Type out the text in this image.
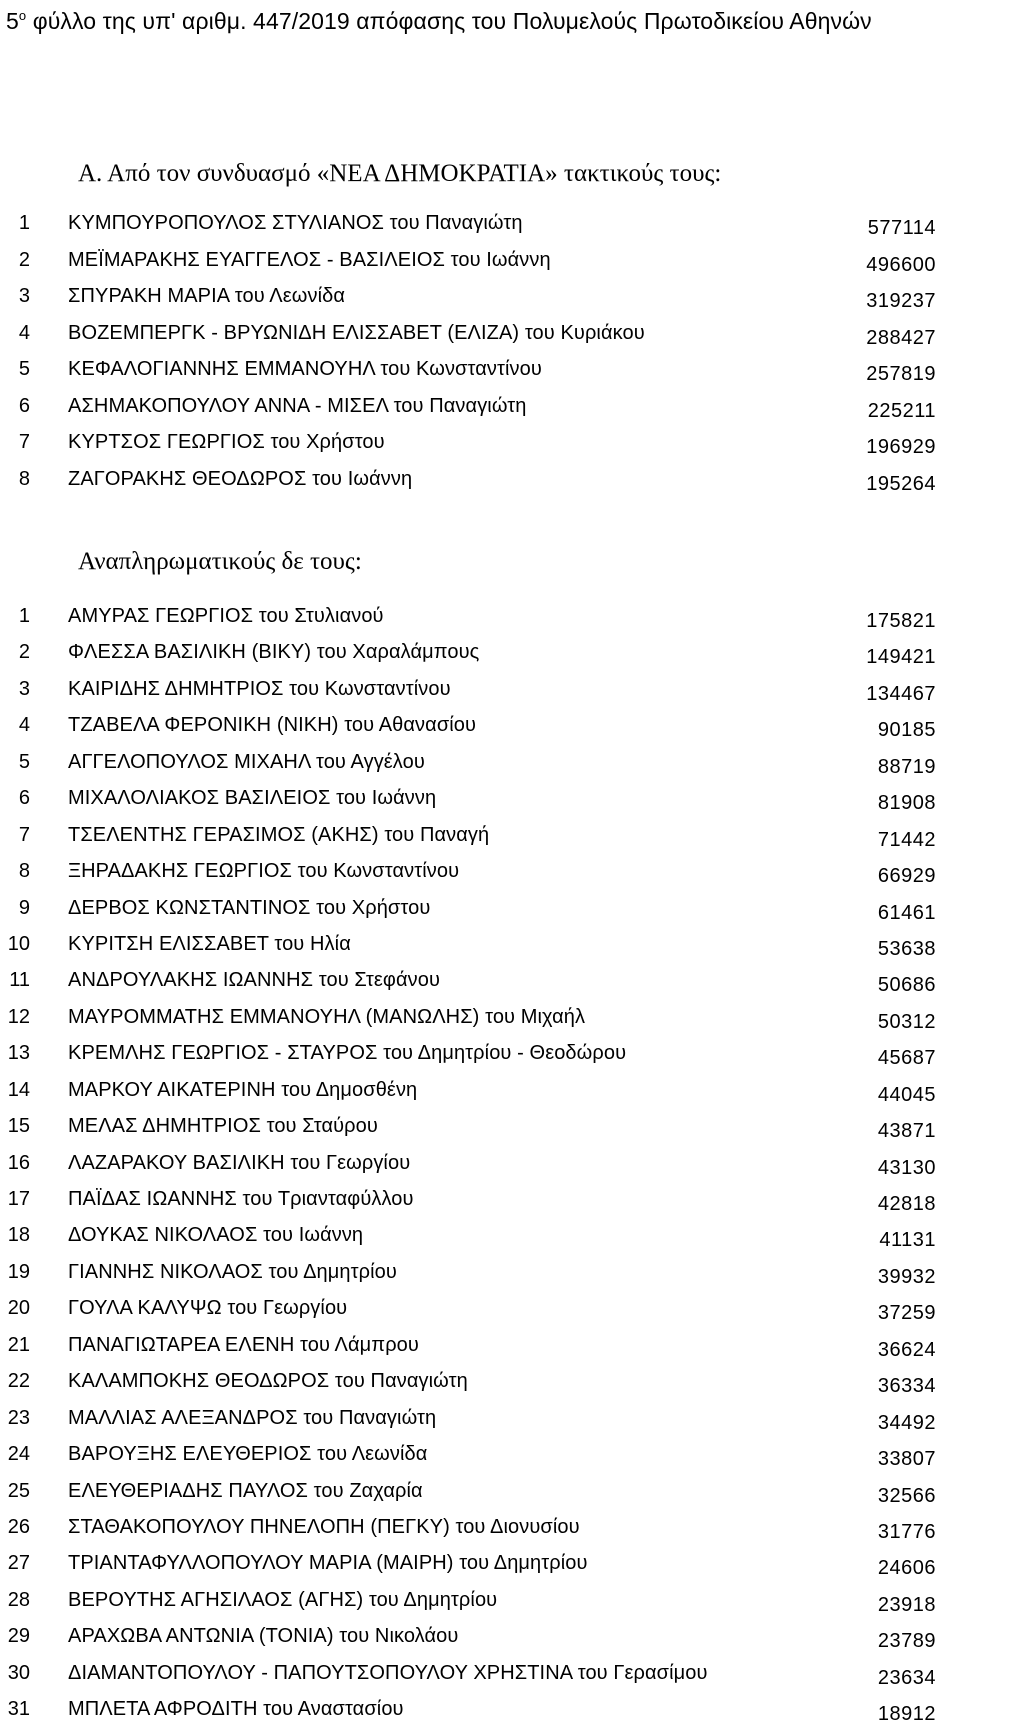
$5^o$ φύλλο της υπ' αριθμ. 447/2019 απόφασης του Πολυμελούς Πρωτοδικείου Αθηνών
Α. Από τον συνδυασμό «ΝΕΑ ΔΗΜΟΚΡΑΤΙΑ» τακτικούς τους:
1 ΚΥΜΠΟΥΡΟΠΟΥΛΟΣ ΣΤΥΛΙΑΝΟΣ του Παναγιώτη	577114
2 ΜΕΪΜΑΡΑΚΗΣ ΕΥΑΓΓΕΛΟΣ - ΒΑΣΙΛΕΙΟΣ του Ιωάννη	496600
3 ΣΠΥΡΑΚΗ ΜΑΡΙΑ του Λεωνίδα	319237
4 ΒΟΖΕΜΠΕΡΓΚ - ΒΡΥΩΝΙΔΗ ΕΛΙΣΣΑΒΕΤ (ΕΛΙΖΑ) του Κυριάκου	288427
5 ΚΕΦΑΛΟΓΙΑΝΝΗΣ ΕΜΜΑΝΟΥΗΛ του Κωνσταντίνου	257819
6 ΑΣΗΜΑΚΟΠΟΥΛΟΥ ΑΝΝΑ - ΜΙΣΕΛ του Παναγιώτη	225211
7 ΚΥΡΤΣΟΣ ΓΕΩΡΓΙΟΣ του Χρήστου	196929
8 ΖΑΓΟΡΑΚΗΣ ΘΕΟΔΩΡΟΣ του Ιωάννη	195264
Αναπληρωματικούς δε τους:
1 ΑΜΥΡΑΣ ΓΕΩΡΓΙΟΣ του Στυλιανού	175821
2 ΦΛΕΣΣΑ ΒΑΣΙΛΙΚΗ (ΒΙΚΥ) του Χαραλάμπους	149421
3 ΚΑΙΡΙΔΗΣ ΔΗΜΗΤΡΙΟΣ του Κωνσταντίνου	134467
4 ΤΖΑΒΕΛΑ ΦΕΡΟΝΙΚΗ (ΝΙΚΗ) του Αθανασίου	90185
5 ΑΓΓΕΛΟΠΟΥΛΟΣ ΜΙΧΑΗΛ του Αγγέλου	88719
6 ΜΙΧΑΛΟΛΙΑΚΟΣ ΒΑΣΙΛΕΙΟΣ του Ιωάννη	81908
7 ΤΣΕΛΕΝΤΗΣ ΓΕΡΑΣΙΜΟΣ (ΑΚΗΣ) του Παναγή	71442
8 ΞΗΡΑΔΑΚΗΣ ΓΕΩΡΓΙΟΣ του Κωνσταντίνου	66929
9 ΔΕΡΒΟΣ ΚΩΝΣΤΑΝΤΙΝΟΣ του Χρήστου	61461
10 ΚΥΡΙΤΣΗ ΕΛΙΣΣΑΒΕΤ του Ηλία	53638
11 ΑΝΔΡΟΥΛΑΚΗΣ ΙΩΑΝΝΗΣ του Στεφάνου	50686
12 ΜΑΥΡΟΜΜΑΤΗΣ ΕΜΜΑΝΟΥΗΛ (ΜΑΝΩΛΗΣ) του Μιχαήλ	50312
13 ΚΡΕΜΛΗΣ ΓΕΩΡΓΙΟΣ - ΣΤΑΥΡΟΣ του Δημητρίου - Θεοδώρου	45687
14 ΜΑΡΚΟΥ ΑΙΚΑΤΕΡΙΝΗ του Δημοσθένη	44045
15 ΜΕΛΑΣ ΔΗΜΗΤΡΙΟΣ του Σταύρου	43871
16 ΛΑΖΑΡΑΚΟΥ ΒΑΣΙΛΙΚΗ του Γεωργίου	43130
17 ΠΑΪΔΑΣ ΙΩΑΝΝΗΣ του Τριανταφύλλου	42818
18 ΔΟΥΚΑΣ ΝΙΚΟΛΑΟΣ του Ιωάννη	41131
19 ΓΙΑΝΝΗΣ ΝΙΚΟΛΑΟΣ του Δημητρίου	39932
20 ΓΟΥΛΑ ΚΑΛΥΨΩ του Γεωργίου	37259
21 ΠΑΝΑΓΙΩΤΑΡΕΑ ΕΛΕΝΗ του Λάμπρου	36624
22 ΚΑΛΑΜΠΟΚΗΣ ΘΕΟΔΩΡΟΣ του Παναγιώτη	36334
23 ΜΑΛΛΙΑΣ ΑΛΕΞΑΝΔΡΟΣ του Παναγιώτη	34492
24 ΒΑΡΟΥΞΗΣ ΕΛΕΥΘΕΡΙΟΣ του Λεωνίδα	33807
25 ΕΛΕΥΘΕΡΙΑΔΗΣ ΠΑΥΛΟΣ του Ζαχαρία	32566
26 ΣΤΑΘΑΚΟΠΟΥΛΟΥ ΠΗΝΕΛΟΠΗ (ΠΕΓΚΥ) του Διονυσίου	31776
27 ΤΡΙΑΝΤΑΦΥΛΛΟΠΟΥΛΟΥ ΜΑΡΙΑ (ΜΑΙΡΗ) του Δημητρίου	24606
28 ΒΕΡΟΥΤΗΣ ΑΓΗΣΙΛΑΟΣ (ΑΓΗΣ) του Δημητρίου	23918
29 ΑΡΑΧΩΒΑ ΑΝΤΩΝΙΑ (ΤΟΝΙΑ) του Νικολάου	23789
30 ΔΙΑΜΑΝΤΟΠΟΥΛΟΥ - ΠΑΠΟΥΤΣΟΠΟΥΛΟΥ ΧΡΗΣΤΙΝΑ του Γερασίμου	23634
31 ΜΠΛΕΤΑ ΑΦΡΟΔΙΤΗ του Αναστασίου	18912
